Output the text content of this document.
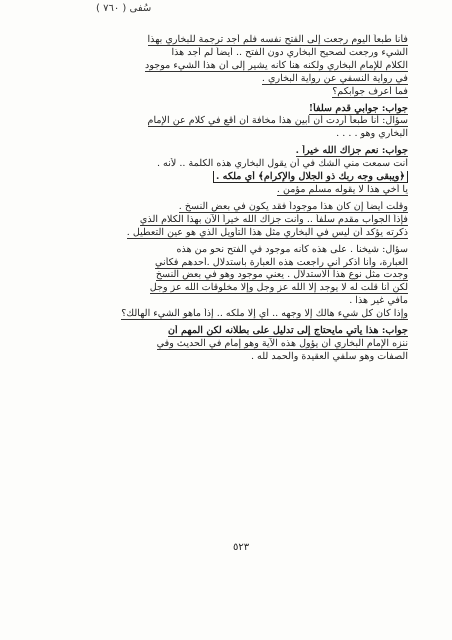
سُفى ( ٧٦٠ )

فأنا طبعاً اليوم رجعت إلى الفتح نفسه فلم أجد ترجمة للبخاري بهذا

الشيء ورجعت لصحيح البخاري دون الفتح .. أيضاً لم أجد هذا

الكلام للإمام البخاري ولكنه هنا كأنه يشير إلى أن هذا الشيء موجود

في رواية النسفي عن رواية البخاري .

فما أعرف جوابكم؟

جواب: جوابي قدم سلفاً!

سؤال: أنا طبعاً أردت أن أبين هذا مخافة أن أقع في كلام عن الإمام

البخاري وهو . . . .

جواب: نعم جزاك الله خيراً .

أنت سمعت مني الشك في أن يقول البخاري هذه الكلمة .. لأنه .

﴿ويبقى وجه ربك ذو الجلال والإكرام﴾ أي ملكه .

يا أخي هذا لا يقوله مسلم مؤمن .

وقلت أيضاً إن كان هذا موجوداً فقد يكون في بعض النسخ .

فإذاً الجواب مقدم سلفاً .. وأنت جزاك الله خيراً الآن بهذا الكلام الذي

ذكرته يؤكد أن ليس في البخاري مثل هذا التأويل الذي هو عين التعطيل .

سؤال: شيخنا . على هذه كأنه موجود في الفتح نحو من هذه

العبارة، وأنا أذكر أني راجعت هذه العبارة باستدلال .أحدهم فكأني

وجدت مثل نوع هذا الاستدلال . يعني موجود وهو في بعض النسخ

لكن أنا قلت له لا يوجد إلا الله عز وجل وإلا مخلوقات الله عز وجل

مافي غير هذا .

وإذا كان كل شيء هالك إلا وجهه .. أي إلا ملكه .. إذاً ماهو الشيء الهالك؟

جواب: هذا يأتي مايحتاج إلى تدليل على بطلانه لكن المهم أن

ننزه الإمام البخاري أن يؤول هذه الآية وهو إمام في الحديث وفي

الصفات وهو سلفي العقيدة والحمد لله .

٥٢٣
